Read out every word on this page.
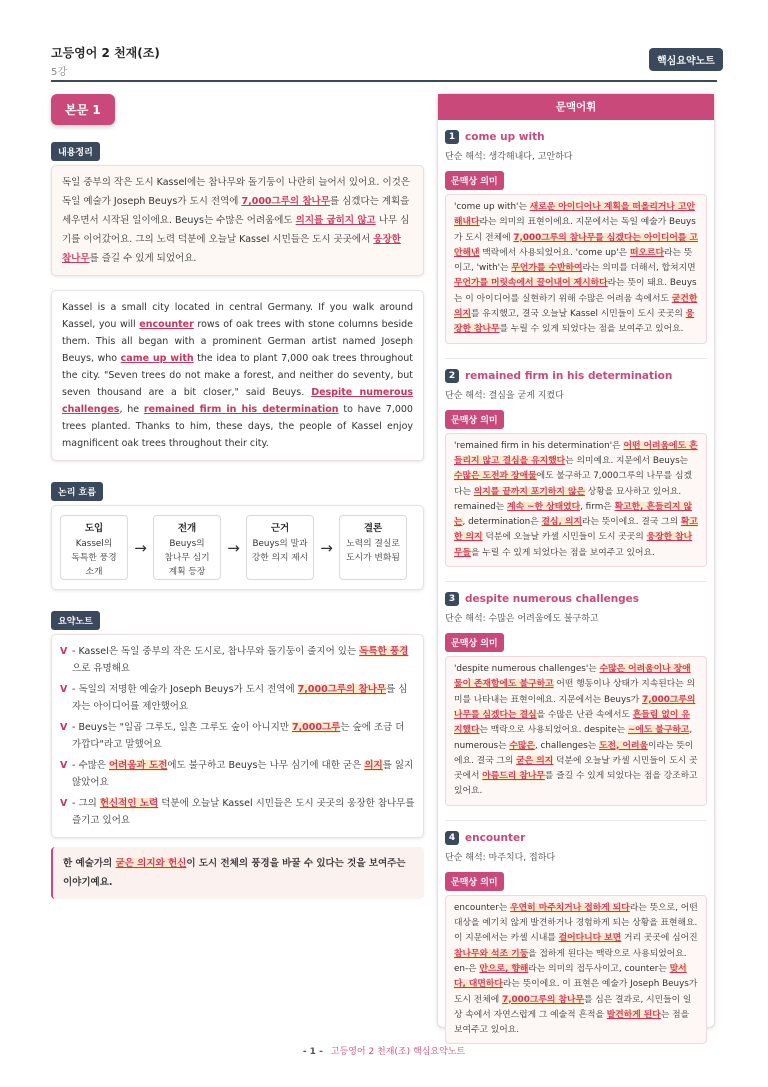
고등영어 2 천재(조)
5강
핵심요약노트
본문 1
내용정리
독일 중부의 작은 도시 Kassel에는 참나무와 돌기둥이 나란히 늘어서 있어요. 이것은 독일 예술가 Joseph Beuys가 도시 전역에 7,000그루의 참나무를 심겠다는 계획을 세우면서 시작된 일이에요. Beuys는 수많은 어려움에도 의지를 굽히지 않고 나무 심기를 이어갔어요. 그의 노력 덕분에 오늘날 Kassel 시민들은 도시 곳곳에서 웅장한 참나무를 즐길 수 있게 되었어요.
Kassel is a small city located in central Germany. If you walk around Kassel, you will encounter rows of oak trees with stone columns beside them. This all began with a prominent German artist named Joseph Beuys, who came up with the idea to plant 7,000 oak trees throughout the city. "Seven trees do not make a forest, and neither do seventy, but seven thousand are a bit closer," said Beuys. Despite numerous challenges, he remained firm in his determination to have 7,000 trees planted. Thanks to him, these days, the people of Kassel enjoy magnificent oak trees throughout their city.
논리 흐름
도입
Kassel의
독특한 풍경
소개
→
전개
Beuys의
참나무 심기
계획 등장
→
근거
Beuys의 말과
강한 의지 제시
→
결론
노력의 결실로
도시가 변화됨
요약노트
V - Kassel은 독일 중부의 작은 도시로, 참나무와 돌기둥이 줄지어 있는 독특한 풍경으로 유명해요
V - 독일의 저명한 예술가 Joseph Beuys가 도시 전역에 7,000그루의 참나무를 심자는 아이디어를 제안했어요
V - Beuys는 "일곱 그루도, 일흔 그루도 숲이 아니지만 7,000그루는 숲에 조금 더 가깝다"라고 말했어요
V - 수많은 어려움과 도전에도 불구하고 Beuys는 나무 심기에 대한 굳은 의지를 잃지 않았어요
V - 그의 헌신적인 노력 덕분에 오늘날 Kassel 시민들은 도시 곳곳의 웅장한 참나무를 즐기고 있어요
한 예술가의 굳은 의지와 헌신이 도시 전체의 풍경을 바꿀 수 있다는 것을 보여주는 이야기예요.
문맥어휘
1 come up with
단순 해석: 생각해내다, 고안하다
문맥상 의미
'come up with'는 새로운 아이디어나 계획을 떠올리거나 고안해내다라는 의미의 표현이에요. 지문에서는 독일 예술가 Beuys가 도시 전체에 7,000그루의 참나무를 심겠다는 아이디어를 고안해낸 맥락에서 사용되었어요. 'come up'은 떠오르다라는 뜻이고, 'with'는 무언가를 수반하여라는 의미를 더해서, 합쳐지면 무언가를 머릿속에서 끌어내어 제시하다라는 뜻이 돼요. Beuys는 이 아이디어를 실현하기 위해 수많은 어려움 속에서도 굳건한 의지를 유지했고, 결국 오늘날 Kassel 시민들이 도시 곳곳의 웅장한 참나무를 누릴 수 있게 되었다는 점을 보여주고 있어요.
2 remained firm in his determination
단순 해석: 결심을 굳게 지켰다
문맥상 의미
'remained firm in his determination'은 어떤 어려움에도 흔들리지 않고 결심을 유지했다는 의미예요. 지문에서 Beuys는 수많은 도전과 장애물에도 불구하고 7,000그루의 나무를 심겠다는 의지를 끝까지 포기하지 않은 상황을 묘사하고 있어요. remained는 계속 ~한 상태였다, firm은 확고한, 흔들리지 않는, determination은 결심, 의지라는 뜻이에요. 결국 그의 확고한 의지 덕분에 오늘날 카셀 시민들이 도시 곳곳의 웅장한 참나무들을 누릴 수 있게 되었다는 점을 보여주고 있어요.
3 despite numerous challenges
단순 해석: 수많은 어려움에도 불구하고
문맥상 의미
'despite numerous challenges'는 수많은 어려움이나 장애물이 존재함에도 불구하고 어떤 행동이나 상태가 지속된다는 의미를 나타내는 표현이에요. 지문에서는 Beuys가 7,000그루의 나무를 심겠다는 결심을 수많은 난관 속에서도 흔들림 없이 유지했다는 맥락으로 사용되었어요. despite는 ~에도 불구하고, numerous는 수많은, challenges는 도전, 어려움이라는 뜻이에요. 결국 그의 굳은 의지 덕분에 오늘날 카셀 시민들이 도시 곳곳에서 아름드리 참나무를 즐길 수 있게 되었다는 점을 강조하고 있어요.
4 encounter
단순 해석: 마주치다, 접하다
문맥상 의미
encounter는 우연히 마주치거나 접하게 되다라는 뜻으로, 어떤 대상을 예기치 않게 발견하거나 경험하게 되는 상황을 표현해요. 이 지문에서는 카셀 시내를 걸어다니다 보면 거리 곳곳에 심어진 참나무와 석조 기둥을 접하게 된다는 맥락으로 사용되었어요. en-은 안으로, 향해라는 의미의 접두사이고, counter는 맞서다, 대면하다라는 뜻이에요. 이 표현은 예술가 Joseph Beuys가 도시 전체에 7,000그루의 참나무를 심은 결과로, 시민들이 일상 속에서 자연스럽게 그 예술적 흔적을 발견하게 된다는 점을 보여주고 있어요.
- 1 - 고등영어 2 천재(조) 핵심요약노트
